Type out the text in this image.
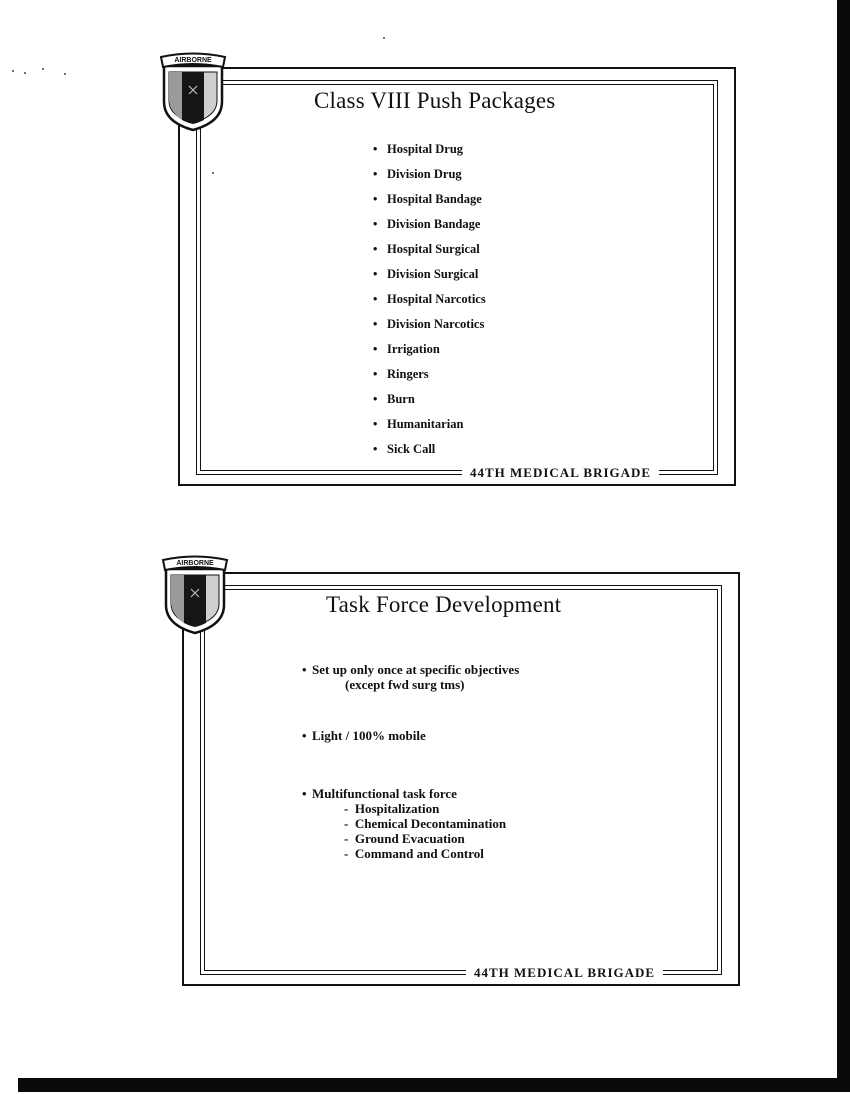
AIRBORNE
Class VIII Push Packages
• Hospital Drug
• Division Drug
• Hospital Bandage
• Division Bandage
• Hospital Surgical
• Division Surgical
• Hospital Narcotics
• Division Narcotics
• Irrigation
• Ringers
• Burn
• Humanitarian
• Sick Call
44TH MEDICAL BRIGADE
AIRBORNE
Task Force Development
• Set up only once at specific objectives
(except fwd surg tms)
• Light / 100% mobile
• Multifunctional task force
-  Hospitalization
-  Chemical Decontamination
-  Ground Evacuation
-  Command and Control
44TH MEDICAL BRIGADE
